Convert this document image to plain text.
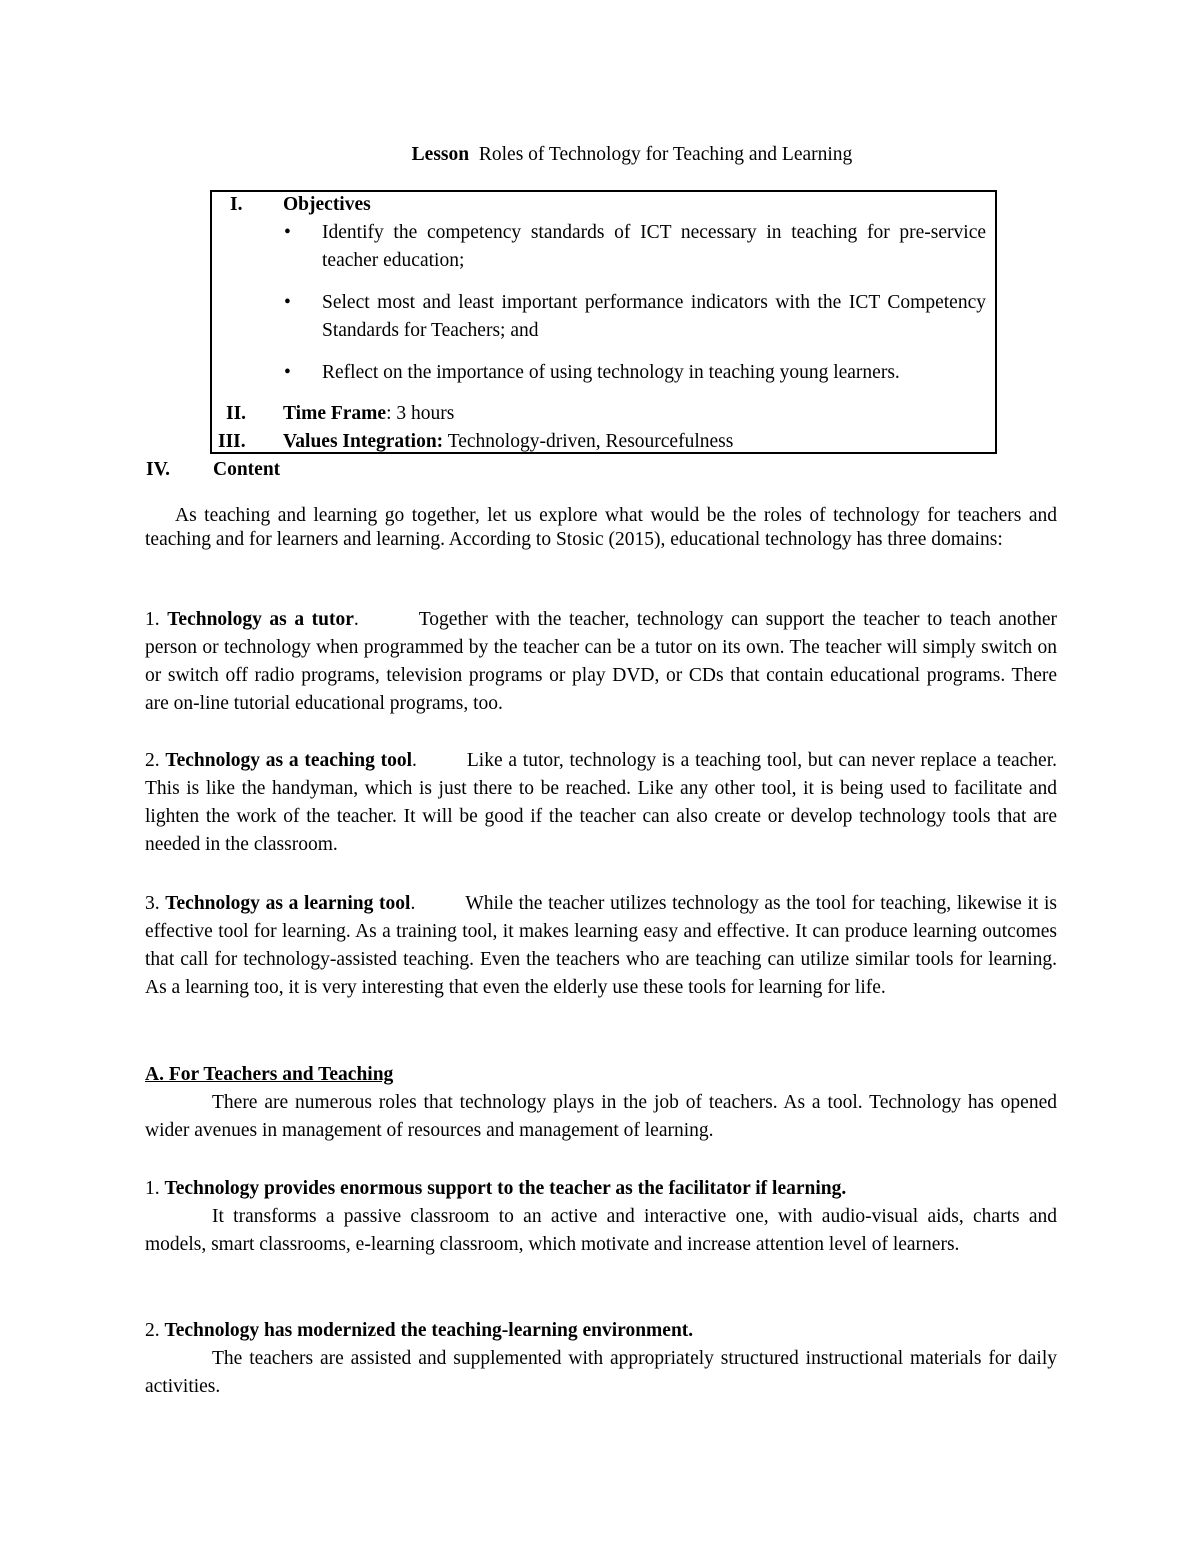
Lesson Roles of Technology for Teaching and Learning
I. Objectives
• Identify the competency standards of ICT necessary in teaching for pre-service teacher education;
• Select most and least important performance indicators with the ICT Competency Standards for Teachers; and
• Reflect on the importance of using technology in teaching young learners.
II. Time Frame: 3 hours
III. Values Integration: Technology-driven, Resourcefulness
IV. Content

As teaching and learning go together, let us explore what would be the roles of technology for teachers and teaching and for learners and learning. According to Stosic (2015), educational technology has three domains:

1. Technology as a tutor.	Together with the teacher, technology can support the teacher to teach another person or technology when programmed by the teacher can be a tutor on its own. The teacher will simply switch on or switch off radio programs, television programs or play DVD, or CDs that contain educational programs. There are on-line tutorial educational programs, too.

2. Technology as a teaching tool.	Like a tutor, technology is a teaching tool, but can never replace a teacher. This is like the handyman, which is just there to be reached. Like any other tool, it is being used to facilitate and lighten the work of the teacher. It will be good if the teacher can also create or develop technology tools that are needed in the classroom.

3. Technology as a learning tool.	While the teacher utilizes technology as the tool for teaching, likewise it is effective tool for learning. As a training tool, it makes learning easy and effective. It can produce learning outcomes that call for technology-assisted teaching. Even the teachers who are teaching can utilize similar tools for learning. As a learning too, it is very interesting that even the elderly use these tools for learning for life.

A. For Teachers and Teaching

There are numerous roles that technology plays in the job of teachers. As a tool. Technology has opened wider avenues in management of resources and management of learning.

1. Technology provides enormous support to the teacher as the facilitator if learning.

It transforms a passive classroom to an active and interactive one, with audio-visual aids, charts and models, smart classrooms, e-learning classroom, which motivate and increase attention level of learners.

2. Technology has modernized the teaching-learning environment.

The teachers are assisted and supplemented with appropriately structured instructional materials for daily activities.
